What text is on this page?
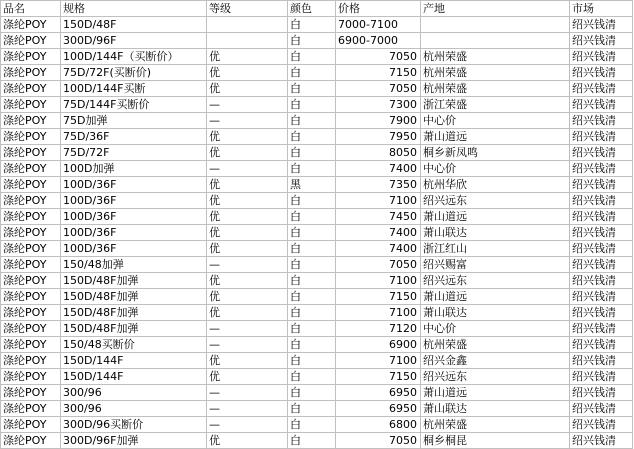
品名	规格	等级	颜色	价格	产地	市场
涤纶POY	150D/48F		白	7000-7100		绍兴钱清
涤纶POY	300D/96F		白	6900-7000		绍兴钱清
涤纶POY	100D/144F（买断价）	优	白	7050	杭州荣盛	绍兴钱清
涤纶POY	75D/72F(买断价)	优	白	7150	杭州荣盛	绍兴钱清
涤纶POY	100D/144F买断	优	白	7050	杭州荣盛	绍兴钱清
涤纶POY	75D/144F买断价	—	白	7300	浙江荣盛	绍兴钱清
涤纶POY	75D加弹	—	白	7900	中心价	绍兴钱清
涤纶POY	75D/36F	优	白	7950	萧山道远	绍兴钱清
涤纶POY	75D/72F	优	白	8050	桐乡新凤鸣	绍兴钱清
涤纶POY	100D加弹	—	白	7400	中心价	绍兴钱清
涤纶POY	100D/36F	优	黑	7350	杭州华欣	绍兴钱清
涤纶POY	100D/36F	优	白	7100	绍兴远东	绍兴钱清
涤纶POY	100D/36F	优	白	7450	萧山道远	绍兴钱清
涤纶POY	100D/36F	优	白	7400	萧山联达	绍兴钱清
涤纶POY	100D/36F	优	白	7400	浙江红山	绍兴钱清
涤纶POY	150/48加弹	—	白	7050	绍兴赐富	绍兴钱清
涤纶POY	150D/48F加弹	优	白	7100	绍兴远东	绍兴钱清
涤纶POY	150D/48F加弹	优	白	7150	萧山道远	绍兴钱清
涤纶POY	150D/48F加弹	优	白	7100	萧山联达	绍兴钱清
涤纶POY	150D/48F加弹	—	白	7120	中心价	绍兴钱清
涤纶POY	150/48买断价	—	白	6900	杭州荣盛	绍兴钱清
涤纶POY	150D/144F	优	白	7100	绍兴金鑫	绍兴钱清
涤纶POY	150D/144F	优	白	7150	绍兴远东	绍兴钱清
涤纶POY	300/96	—	白	6950	萧山道远	绍兴钱清
涤纶POY	300/96	—	白	6950	萧山联达	绍兴钱清
涤纶POY	300D/96买断价	—	白	6800	杭州荣盛	绍兴钱清
涤纶POY	300D/96F加弹	优	白	7050	桐乡桐昆	绍兴钱清
